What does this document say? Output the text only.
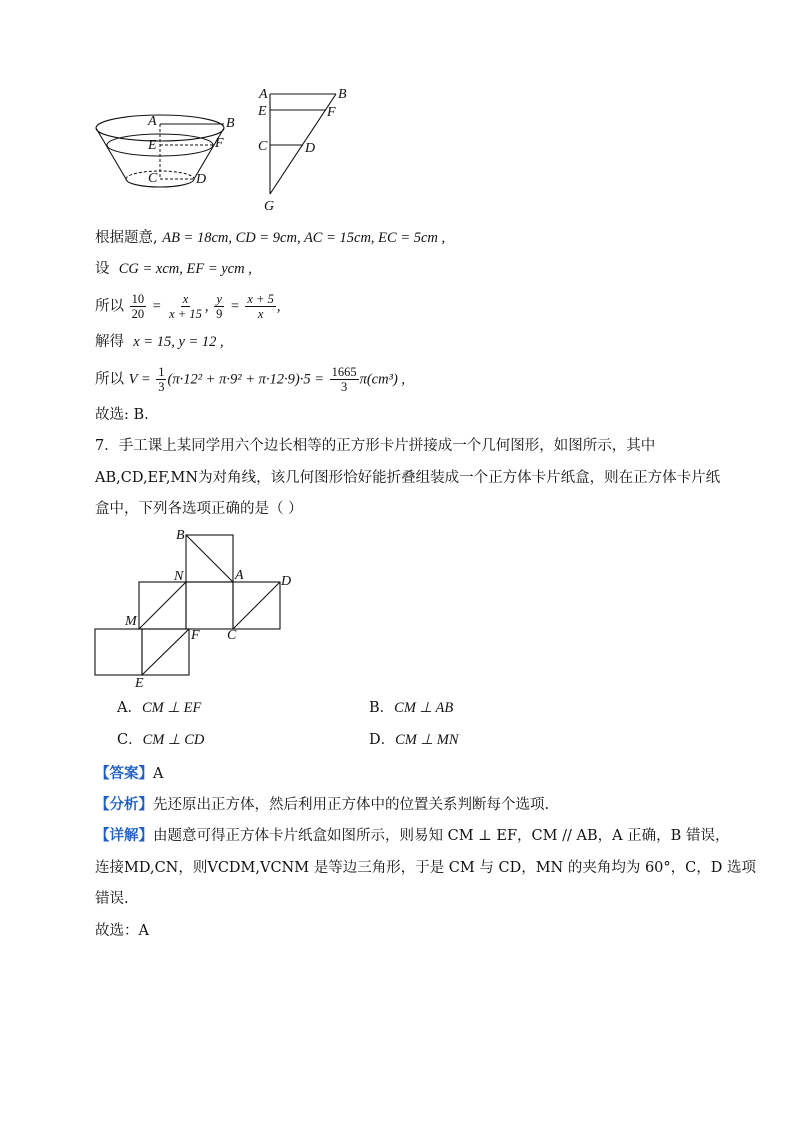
A	B
E	F
C	D
A	B
E	F
C	D
G
根据题意, AB = 18cm, CD = 9cm, AC = 15cm, EC = 5cm ,
设 CG = xcm, EF = ycm ,
所以 $\frac{10}{20} = \frac{x}{x + 15}$ , $\frac{y}{9} = \frac{x + 5}{x}$ ,
解得 x = 15, y = 12 ,
所以 $V = \frac{1}{3} (\pi\cdot 12^2 + \pi\cdot 9^2 + \pi\cdot 12\cdot 9)\cdot 5 = \frac{1665}{3} \pi(cm^3)$ ,
故选: B.
7．手工课上某同学用六个边长相等的正方形卡片拼接成一个几何图形，如图所示，其中
AB,CD,EF,MN为对角线，该几何图形恰好能折叠组装成一个正方体卡片纸盒，则在正方体卡片纸
盒中，下列各选项正确的是（ ）
B
N	A	D
M
F C
E
A．CM ⊥ EF	B．CM ⊥ AB
C．CM ⊥ CD	D．CM ⊥ MN
【答案】A
【分析】先还原出正方体，然后利用正方体中的位置关系判断每个选项.
【详解】由题意可得正方体卡片纸盒如图所示，则易知 CM ⊥ EF，CM // AB，A 正确，B 错误，
连接MD,CN，则VCDM,VCNM 是等边三角形，于是 CM 与 CD，MN 的夹角均为 60°，C，D 选项
错误.
故选：A
